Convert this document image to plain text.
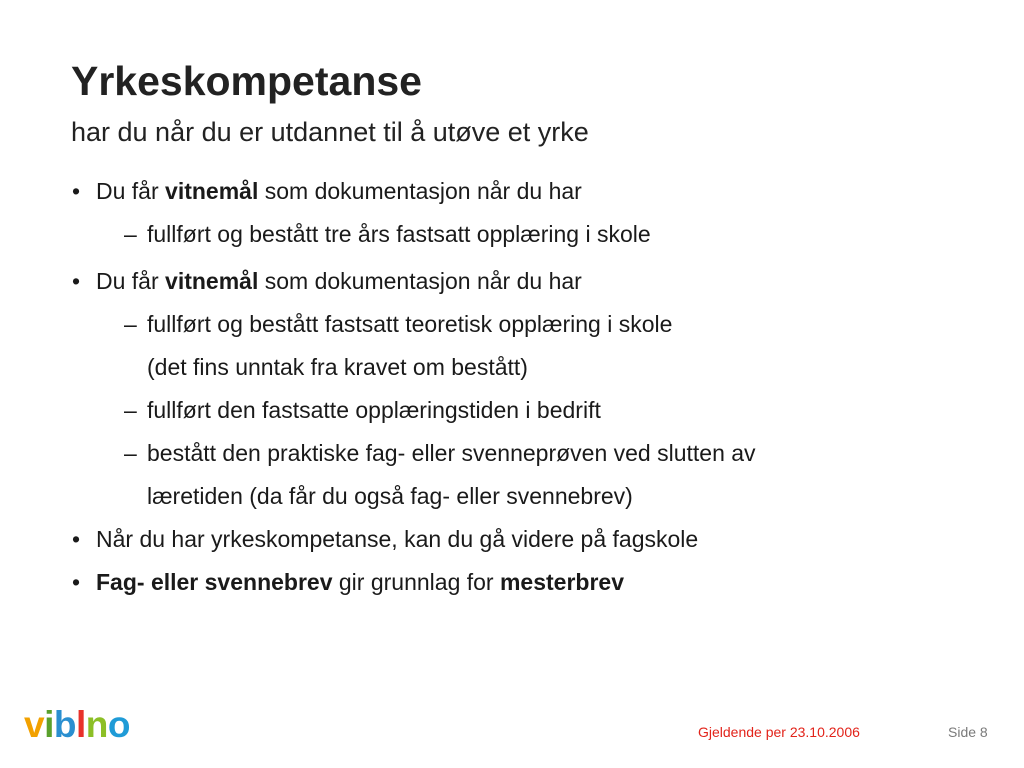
Yrkeskompetanse
har du når du er utdannet til å utøve et yrke
• Du får vitnemål som dokumentasjon når du har
– fullført og bestått tre års fastsatt opplæring i skole
• Du får vitnemål som dokumentasjon når du har
– fullført og bestått fastsatt teoretisk opplæring i skole
(det fins unntak fra kravet om bestått)
– fullført den fastsatte opplæringstiden i bedrift
– bestått den praktiske fag- eller svenneprøven ved slutten av
læretiden (da får du også fag- eller svennebrev)
• Når du har yrkeskompetanse, kan du gå videre på fagskole
• Fag- eller svennebrev gir grunnlag for mesterbrev
viblno	Gjeldende per 23.10.2006	Side 8
